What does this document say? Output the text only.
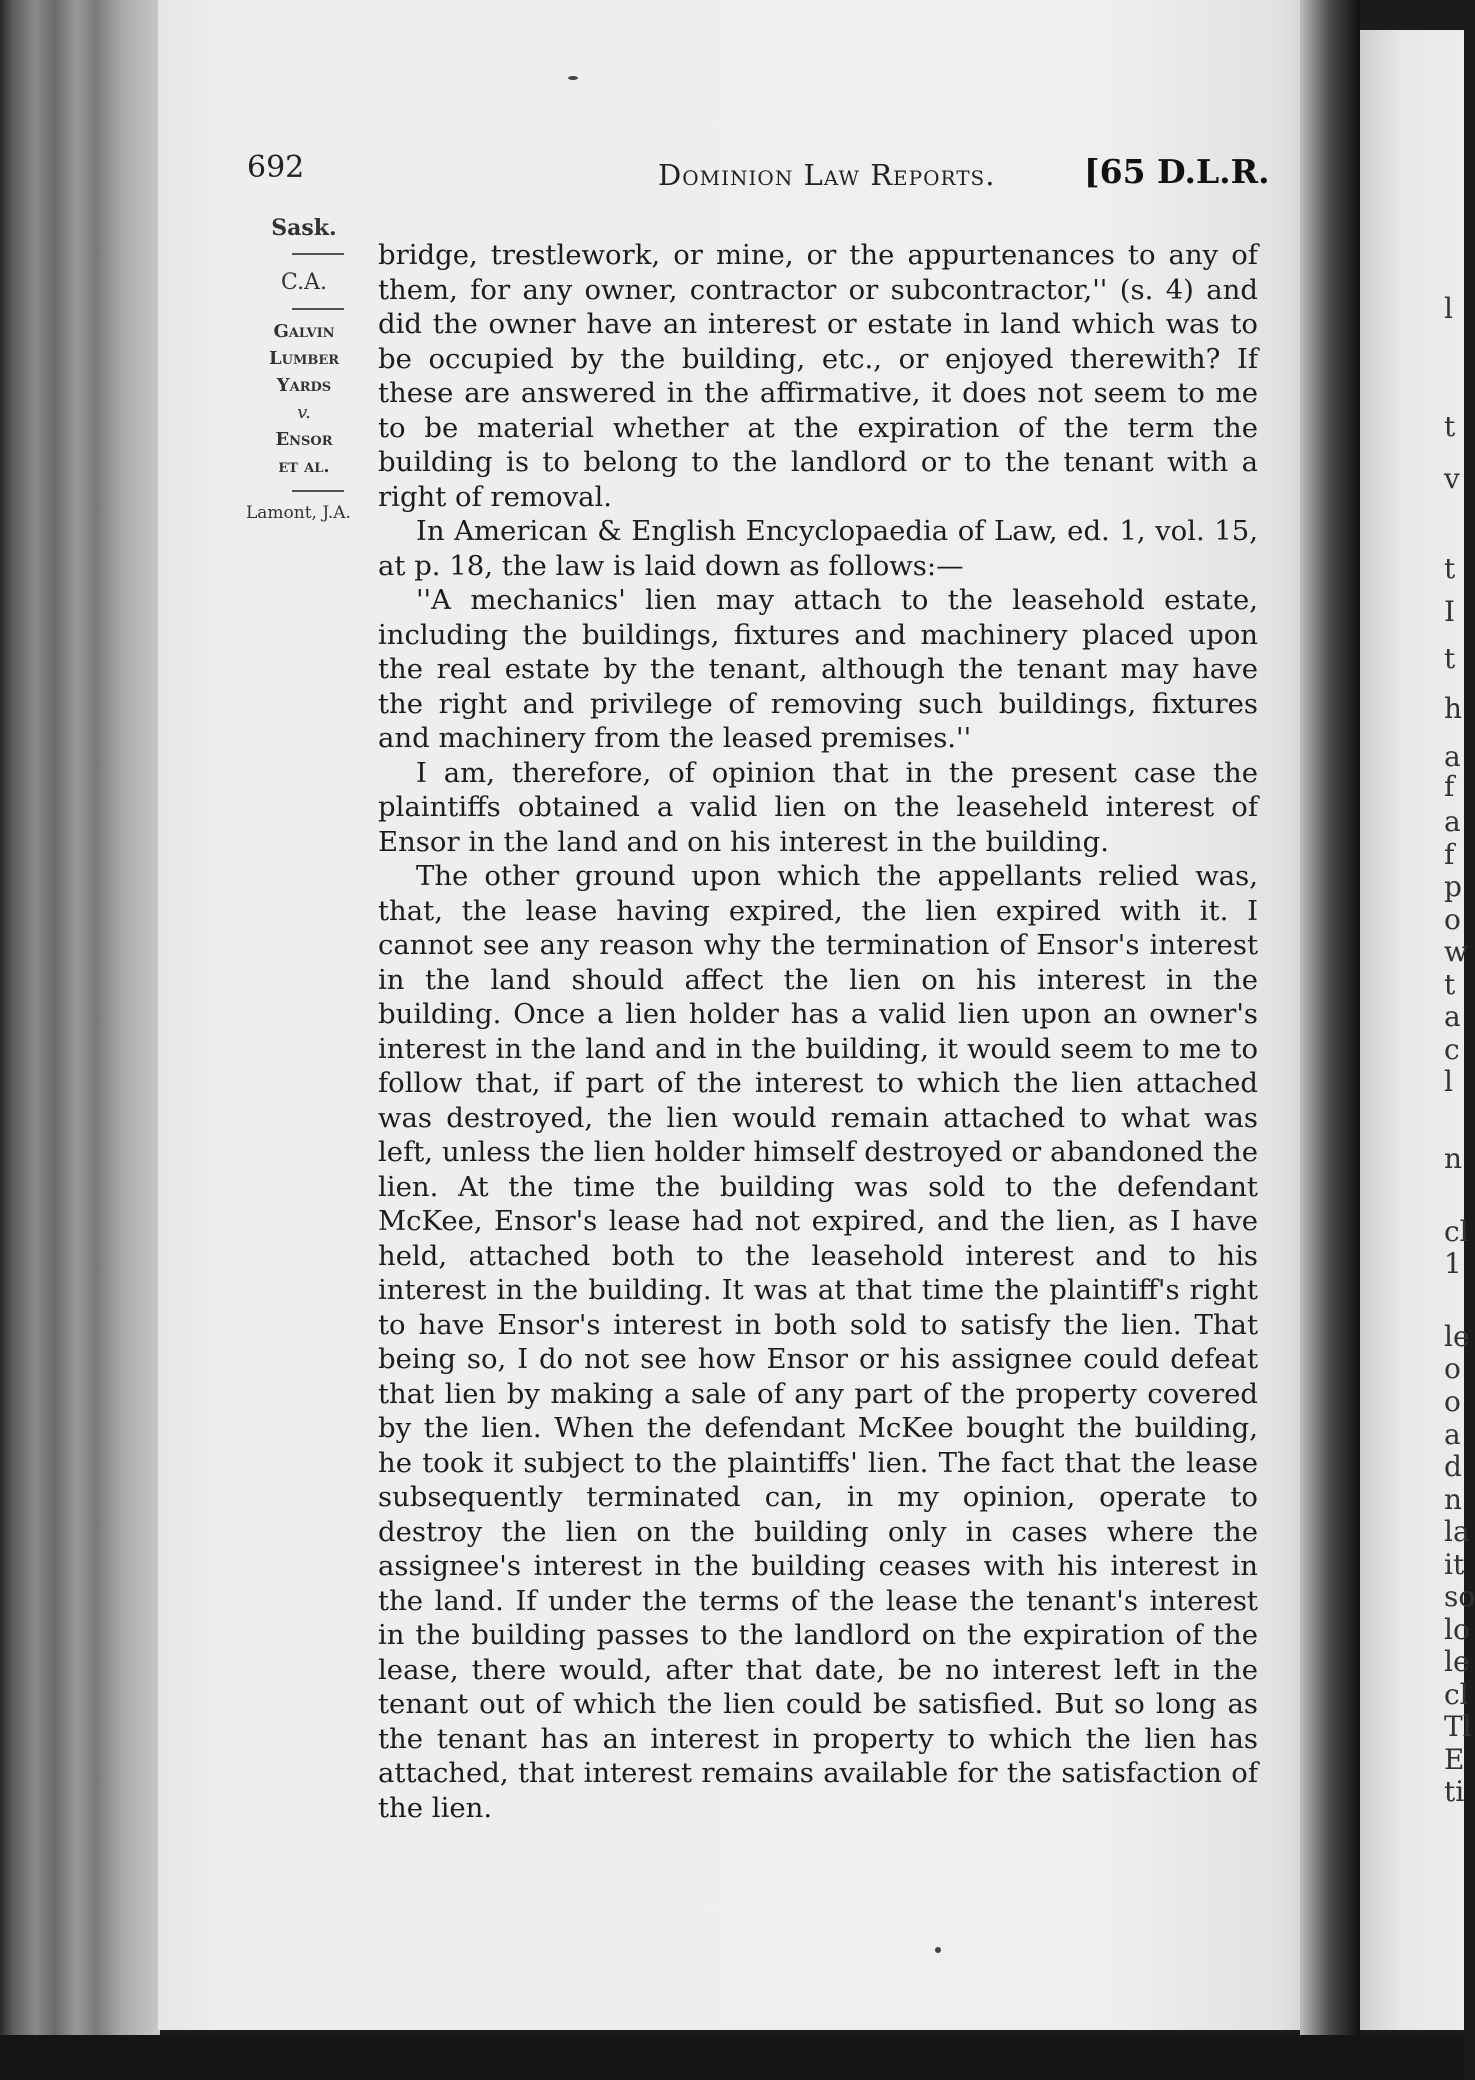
l
t
v
t
I
t
h
a
f
a
f
p
o
w
t
a
c
l
n
cl
1
le
o
o
a
d
n
la
it
so
lo
le
cl
Tl
E
ti
692	Dominion Law Reports.	[65 D.L.R.
Sask.
C.A.
Galvin
Lumber
Yards
v.
Ensor
et al.
Lamont, J.A.

bridge, trestlework, or mine, or the appurtenances to any of them, for any owner, contractor or subcontractor,'' (s. 4) and did the owner have an interest or estate in land which was to be occupied by the building, etc., or enjoyed therewith? If these are answered in the affirmative, it does not seem to me to be material whether at the expiration of the term the building is to belong to the landlord or to the tenant with a right of removal.

In American & English Encyclopaedia of Law, ed. 1, vol. 15, at p. 18, the law is laid down as follows:—

''A mechanics' lien may attach to the leasehold estate, including the buildings, fixtures and machinery placed upon the real estate by the tenant, although the tenant may have the right and privilege of removing such buildings, fixtures and machinery from the leased premises.''

I am, therefore, of opinion that in the present case the plaintiffs obtained a valid lien on the leaseheld interest of Ensor in the land and on his interest in the building.

The other ground upon which the appellants relied was, that, the lease having expired, the lien expired with it. I cannot see any reason why the termination of Ensor's interest in the land should affect the lien on his interest in the building. Once a lien holder has a valid lien upon an owner's interest in the land and in the building, it would seem to me to follow that, if part of the interest to which the lien attached was destroyed, the lien would remain attached to what was left, unless the lien holder himself destroyed or abandoned the lien. At the time the building was sold to the defendant McKee, Ensor's lease had not expired, and the lien, as I have held, attached both to the leasehold interest and to his interest in the building. It was at that time the plaintiff's right to have Ensor's interest in both sold to satisfy the lien. That being so, I do not see how Ensor or his assignee could defeat that lien by making a sale of any part of the property covered by the lien. When the defendant McKee bought the building, he took it subject to the plaintiffs' lien. The fact that the lease subsequently terminated can, in my opinion, operate to destroy the lien on the building only in cases where the assignee's interest in the building ceases with his interest in the land. If under the terms of the lease the tenant's interest in the building passes to the landlord on the expiration of the lease, there would, after that date, be no interest left in the tenant out of which the lien could be satisfied. But so long as the tenant has an interest in property to which the lien has attached, that interest remains available for the satisfaction of the lien.
